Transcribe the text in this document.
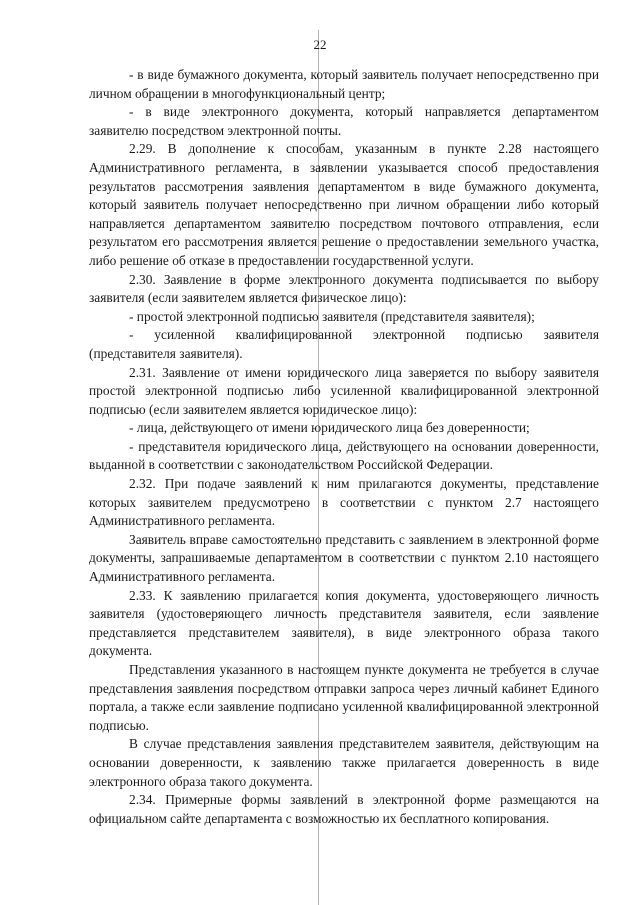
22

- в виде бумажного документа, который заявитель получает непосредственно при личном обращении в многофункциональный центр;

- в виде электронного документа, который направляется департаментом заявителю посредством электронной почты.

2.29. В дополнение к способам, указанным в пункте 2.28 настоящего Административного регламента, в заявлении указывается способ предоставления результатов рассмотрения заявления департаментом в виде бумажного документа, который заявитель получает непосредственно при личном обращении либо который направляется департаментом заявителю посредством почтового отправления, если результатом его рассмотрения является решение о предоставлении земельного участка, либо решение об отказе в предоставлении государственной услуги.

2.30. Заявление в форме электронного документа подписывается по выбору заявителя (если заявителем является физическое лицо):

- простой электронной подписью заявителя (представителя заявителя);

- усиленной квалифицированной электронной подписью заявителя (представителя заявителя).

2.31. Заявление от имени юридического лица заверяется по выбору заявителя простой электронной подписью либо усиленной квалифицированной электронной подписью (если заявителем является юридическое лицо):

- лица, действующего от имени юридического лица без доверенности;

- представителя юридического лица, действующего на основании доверенности, выданной в соответствии с законодательством Российской Федерации.

2.32. При подаче заявлений к ним прилагаются документы, представление которых заявителем предусмотрено в соответствии с пунктом 2.7 настоящего Административного регламента.

Заявитель вправе самостоятельно представить с заявлением в электронной форме документы, запрашиваемые департаментом в соответствии с пунктом 2.10 настоящего Административного регламента.

2.33. К заявлению прилагается копия документа, удостоверяющего личность заявителя (удостоверяющего личность представителя заявителя, если заявление представляется представителем заявителя), в виде электронного образа такого документа.

Представления указанного в настоящем пункте документа не требуется в случае представления заявления посредством отправки запроса через личный кабинет Единого портала, а также если заявление подписано усиленной квалифицированной электронной подписью.

В случае представления заявления представителем заявителя, действующим на основании доверенности, к заявлению также прилагается доверенность в виде электронного образа такого документа.

2.34. Примерные формы заявлений в электронной форме размещаются на официальном сайте департамента с возможностью их бесплатного копирования.
